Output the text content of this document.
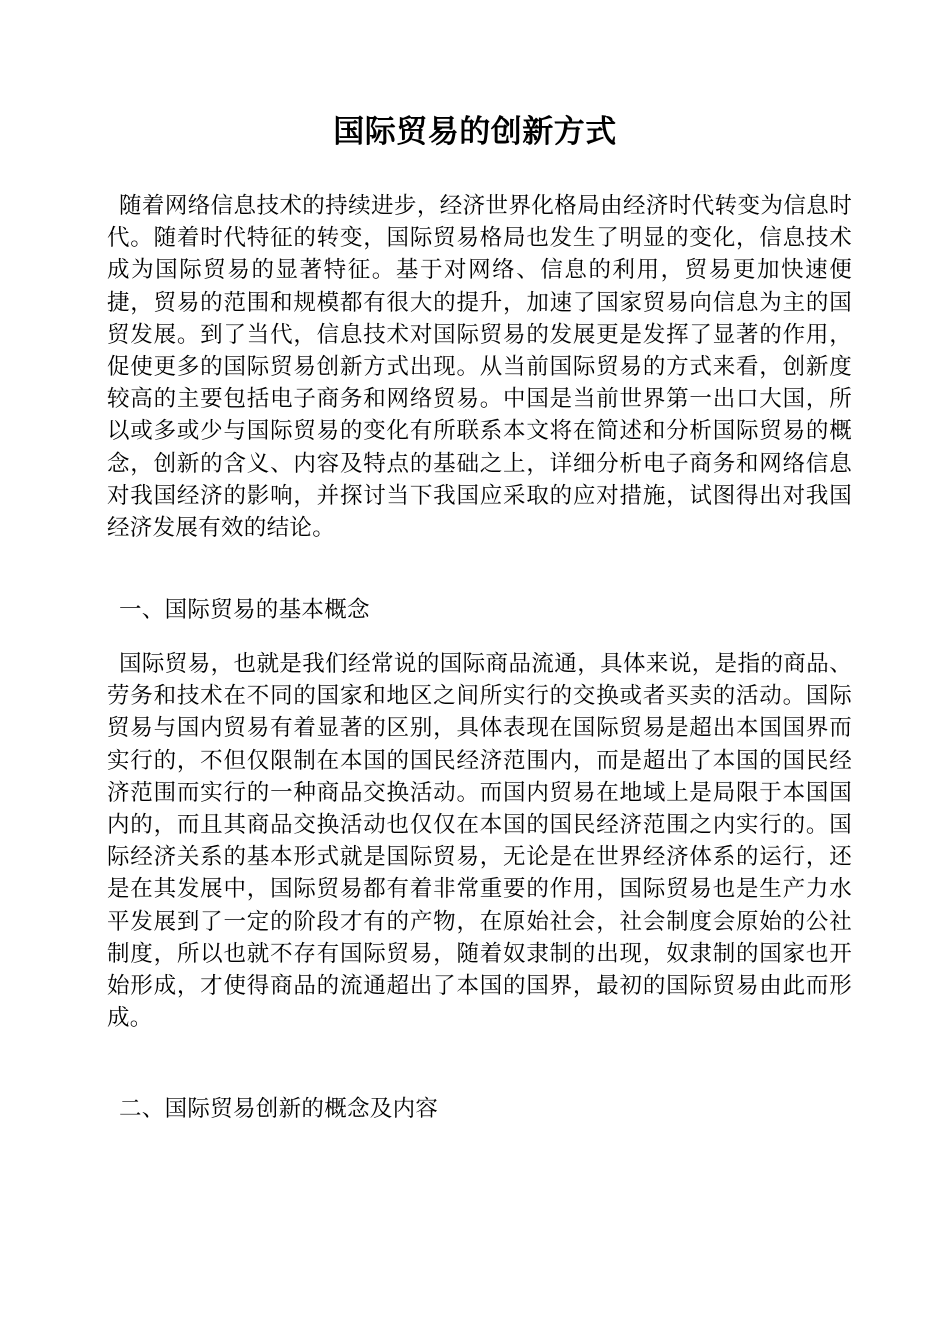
国际贸易的创新方式

随着网络信息技术的持续进步，经济世界化格局由经济时代转变为信息时代。随着时代特征的转变，国际贸易格局也发生了明显的变化，信息技术成为国际贸易的显著特征。基于对网络、信息的利用，贸易更加快速便捷，贸易的范围和规模都有很大的提升，加速了国家贸易向信息为主的国贸发展。到了当代，信息技术对国际贸易的发展更是发挥了显著的作用，促使更多的国际贸易创新方式出现。从当前国际贸易的方式来看，创新度较高的主要包括电子商务和网络贸易。中国是当前世界第一出口大国，所以或多或少与国际贸易的变化有所联系本文将在简述和分析国际贸易的概念，创新的含义、内容及特点的基础之上，详细分析电子商务和网络信息对我国经济的影响，并探讨当下我国应采取的应对措施，试图得出对我国经济发展有效的结论。

一、国际贸易的基本概念

国际贸易，也就是我们经常说的国际商品流通，具体来说，是指的商品、劳务和技术在不同的国家和地区之间所实行的交换或者买卖的活动。国际贸易与国内贸易有着显著的区别，具体表现在国际贸易是超出本国国界而实行的，不但仅限制在本国的国民经济范围内，而是超出了本国的国民经济范围而实行的一种商品交换活动。而国内贸易在地域上是局限于本国国内的，而且其商品交换活动也仅仅在本国的国民经济范围之内实行的。国际经济关系的基本形式就是国际贸易，无论是在世界经济体系的运行，还是在其发展中，国际贸易都有着非常重要的作用，国际贸易也是生产力水平发展到了一定的阶段才有的产物，在原始社会，社会制度会原始的公社制度，所以也就不存有国际贸易，随着奴隶制的出现，奴隶制的国家也开始形成，才使得商品的流通超出了本国的国界，最初的国际贸易由此而形成。

二、国际贸易创新的概念及内容
